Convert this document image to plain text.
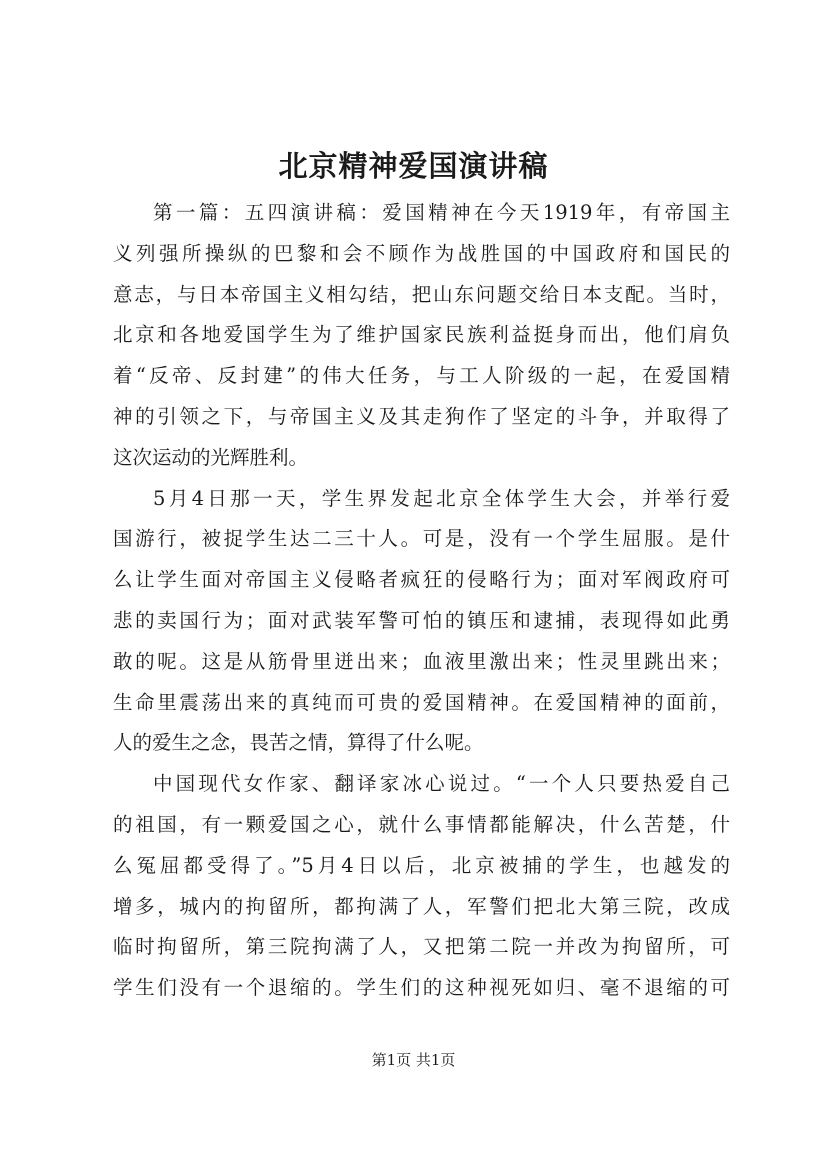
北京精神爱国演讲稿
第一篇：五四演讲稿：爱国精神在今天1919年，有帝国主
义列强所操纵的巴黎和会不顾作为战胜国的中国政府和国民的
意志，与日本帝国主义相勾结，把山东问题交给日本支配。当时，
北京和各地爱国学生为了维护国家民族利益挺身而出，他们肩负
着“反帝、反封建”的伟大任务，与工人阶级的一起，在爱国精
神的引领之下，与帝国主义及其走狗作了坚定的斗争，并取得了
这次运动的光辉胜利。
5月4日那一天，学生界发起北京全体学生大会，并举行爱
国游行，被捉学生达二三十人。可是，没有一个学生屈服。是什
么让学生面对帝国主义侵略者疯狂的侵略行为；面对军阀政府可
悲的卖国行为；面对武装军警可怕的镇压和逮捕，表现得如此勇
敢的呢。这是从筋骨里迸出来；血液里激出来；性灵里跳出来；
生命里震荡出来的真纯而可贵的爱国精神。在爱国精神的面前，
人的爱生之念，畏苦之情，算得了什么呢。
中国现代女作家、翻译家冰心说过。“一个人只要热爱自己
的祖国，有一颗爱国之心，就什么事情都能解决，什么苦楚，什
么冤屈都受得了。”5月4日以后，北京被捕的学生，也越发的
增多，城内的拘留所，都拘满了人，军警们把北大第三院，改成
临时拘留所，第三院拘满了人，又把第二院一并改为拘留所，可
学生们没有一个退缩的。学生们的这种视死如归、毫不退缩的可
第1页 共1页
